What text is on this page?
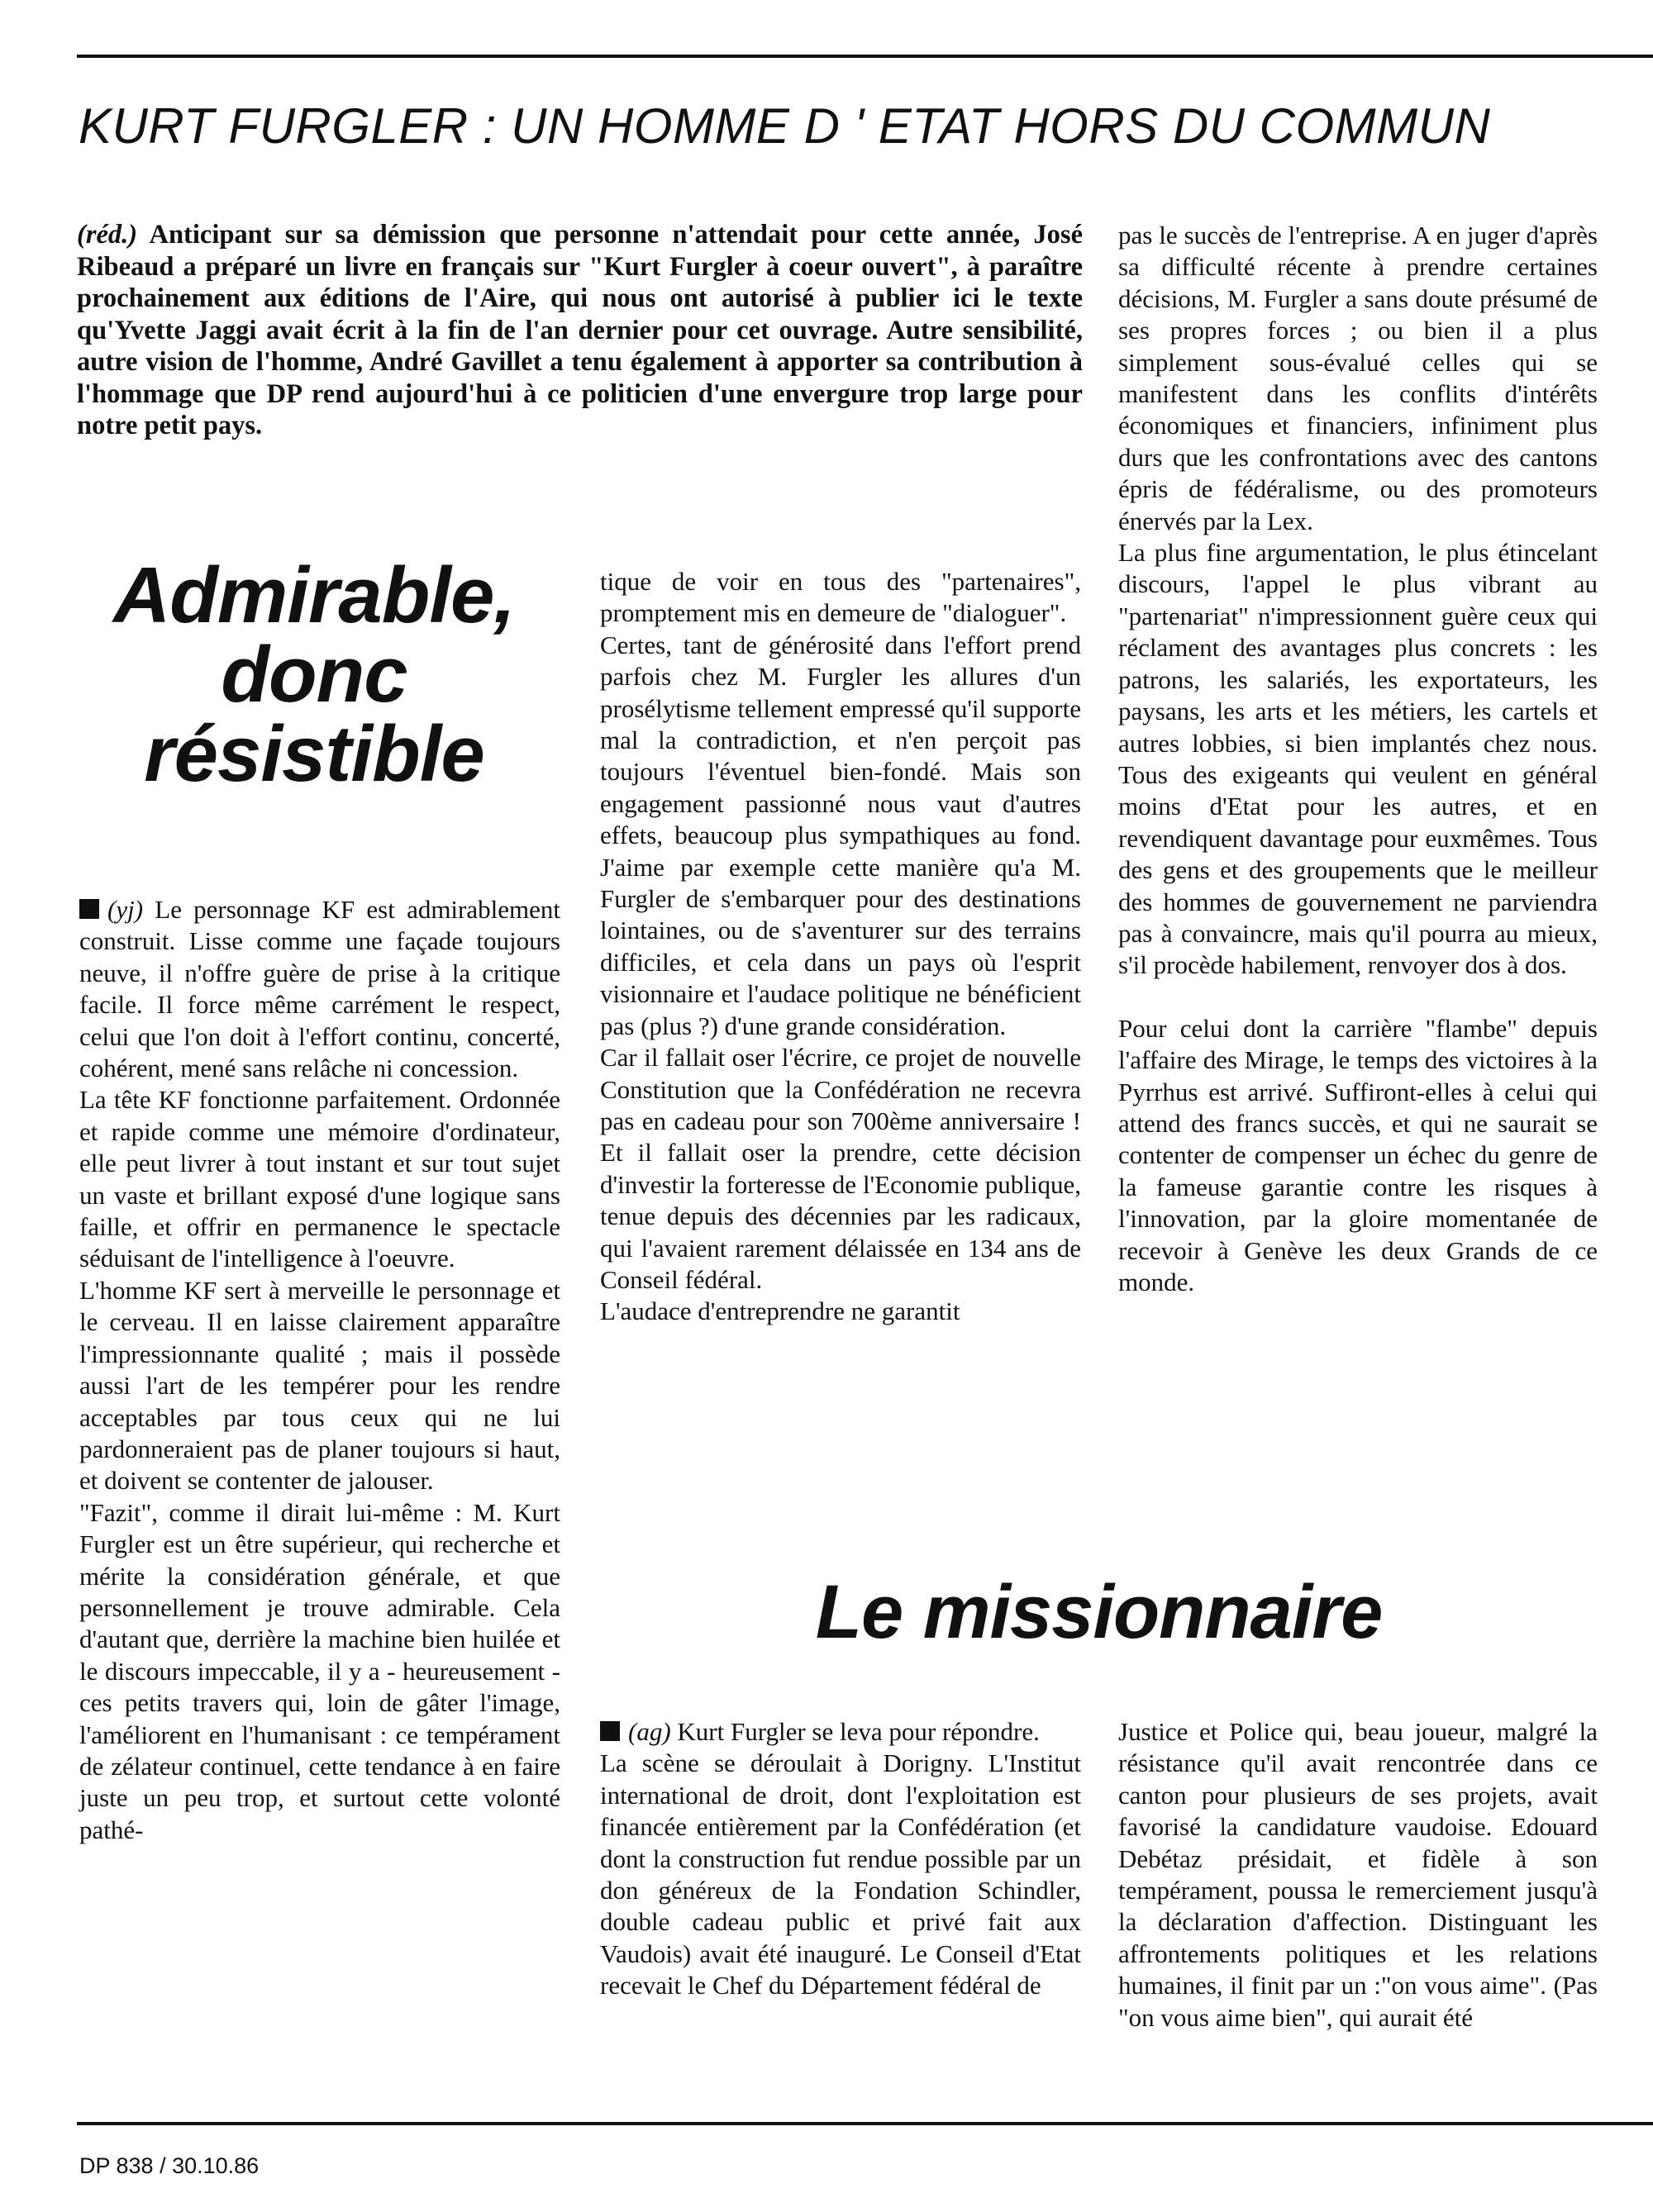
KURT FURGLER : UN HOMME D ' ETAT HORS DU COMMUN

(réd.) Anticipant sur sa démission que personne n'attendait pour cette année, José Ribeaud a préparé un livre en français sur "Kurt Furgler à coeur ouvert", à paraître prochainement aux éditions de l'Aire, qui nous ont autorisé à publier ici le texte qu'Yvette Jaggi avait écrit à la fin de l'an dernier pour cet ouvrage. Autre sensibilité, autre vision de l'homme, André Gavillet a tenu également à apporter sa contribution à l'hommage que DP rend aujourd'hui à ce politicien d'une envergure trop large pour notre petit pays.

Admirable, donc résistible

(yj) Le personnage KF est admirablement construit. Lisse comme une façade toujours neuve, il n'offre guère de prise à la critique facile. Il force même carrément le respect, celui que l'on doit à l'effort continu, concerté, cohérent, mené sans relâche ni concession.

La tête KF fonctionne parfaitement. Ordonnée et rapide comme une mémoire d'ordinateur, elle peut livrer à tout instant et sur tout sujet un vaste et brillant exposé d'une logique sans faille, et offrir en permanence le spectacle séduisant de l'intelligence à l'oeuvre.

L'homme KF sert à merveille le personnage et le cerveau. Il en laisse clairement apparaître l'impressionnante qualité ; mais il possède aussi l'art de les tempérer pour les rendre acceptables par tous ceux qui ne lui pardonneraient pas de planer toujours si haut, et doivent se contenter de jalouser.

"Fazit", comme il dirait lui-même : M. Kurt Furgler est un être supérieur, qui recherche et mérite la considération générale, et que personnellement je trouve admirable. Cela d'autant que, derrière la machine bien huilée et le discours impeccable, il y a - heureusement - ces petits travers qui, loin de gâter l'image, l'améliorent en l'humanisant : ce tempérament de zélateur continuel, cette tendance à en faire juste un peu trop, et surtout cette volonté pathé-

tique de voir en tous des "partenaires", promptement mis en demeure de "dialoguer".

Certes, tant de générosité dans l'effort prend parfois chez M. Furgler les allures d'un prosélytisme tellement empressé qu'il supporte mal la contradiction, et n'en perçoit pas toujours l'éventuel bien-fondé. Mais son engagement passionné nous vaut d'autres effets, beaucoup plus sympathiques au fond. J'aime par exemple cette manière qu'a M. Furgler de s'embarquer pour des destinations lointaines, ou de s'aventurer sur des terrains difficiles, et cela dans un pays où l'esprit visionnaire et l'audace politique ne bénéficient pas (plus ?) d'une grande considération.

Car il fallait oser l'écrire, ce projet de nouvelle Constitution que la Confédération ne recevra pas en cadeau pour son 700ème anniversaire ! Et il fallait oser la prendre, cette décision d'investir la forteresse de l'Economie publique, tenue depuis des décennies par les radicaux, qui l'avaient rarement délaissée en 134 ans de Conseil fédéral.

L'audace d'entreprendre ne garantit

pas le succès de l'entreprise. A en juger d'après sa difficulté récente à prendre certaines décisions, M. Furgler a sans doute présumé de ses propres forces ; ou bien il a plus simplement sous-évalué celles qui se manifestent dans les conflits d'intérêts économiques et financiers, infiniment plus durs que les confrontations avec des cantons épris de fédéralisme, ou des promoteurs énervés par la Lex.

La plus fine argumentation, le plus étincelant discours, l'appel le plus vibrant au "partenariat" n'impressionnent guère ceux qui réclament des avantages plus concrets : les patrons, les salariés, les exportateurs, les paysans, les arts et les métiers, les cartels et autres lobbies, si bien implantés chez nous. Tous des exigeants qui veulent en général moins d'Etat pour les autres, et en revendiquent davantage pour euxmêmes. Tous des gens et des groupements que le meilleur des hommes de gouvernement ne parviendra pas à convaincre, mais qu'il pourra au mieux, s'il procède habilement, renvoyer dos à dos.

Pour celui dont la carrière "flambe" depuis l'affaire des Mirage, le temps des victoires à la Pyrrhus est arrivé. Suffiront-elles à celui qui attend des francs succès, et qui ne saurait se contenter de compenser un échec du genre de la fameuse garantie contre les risques à l'innovation, par la gloire momentanée de recevoir à Genève les deux Grands de ce monde.

Le missionnaire

(ag) Kurt Furgler se leva pour répondre.

La scène se déroulait à Dorigny. L'Institut international de droit, dont l'exploitation est financée entièrement par la Confédération (et dont la construction fut rendue possible par un don généreux de la Fondation Schindler, double cadeau public et privé fait aux Vaudois) avait été inauguré. Le Conseil d'Etat recevait le Chef du Département fédéral de

Justice et Police qui, beau joueur, malgré la résistance qu'il avait rencontrée dans ce canton pour plusieurs de ses projets, avait favorisé la candidature vaudoise. Edouard Debétaz présidait, et fidèle à son tempérament, poussa le remerciement jusqu'à la déclaration d'affection. Distinguant les affrontements politiques et les relations humaines, il finit par un :"on vous aime". (Pas "on vous aime bien", qui aurait été

DP 838 / 30.10.86
